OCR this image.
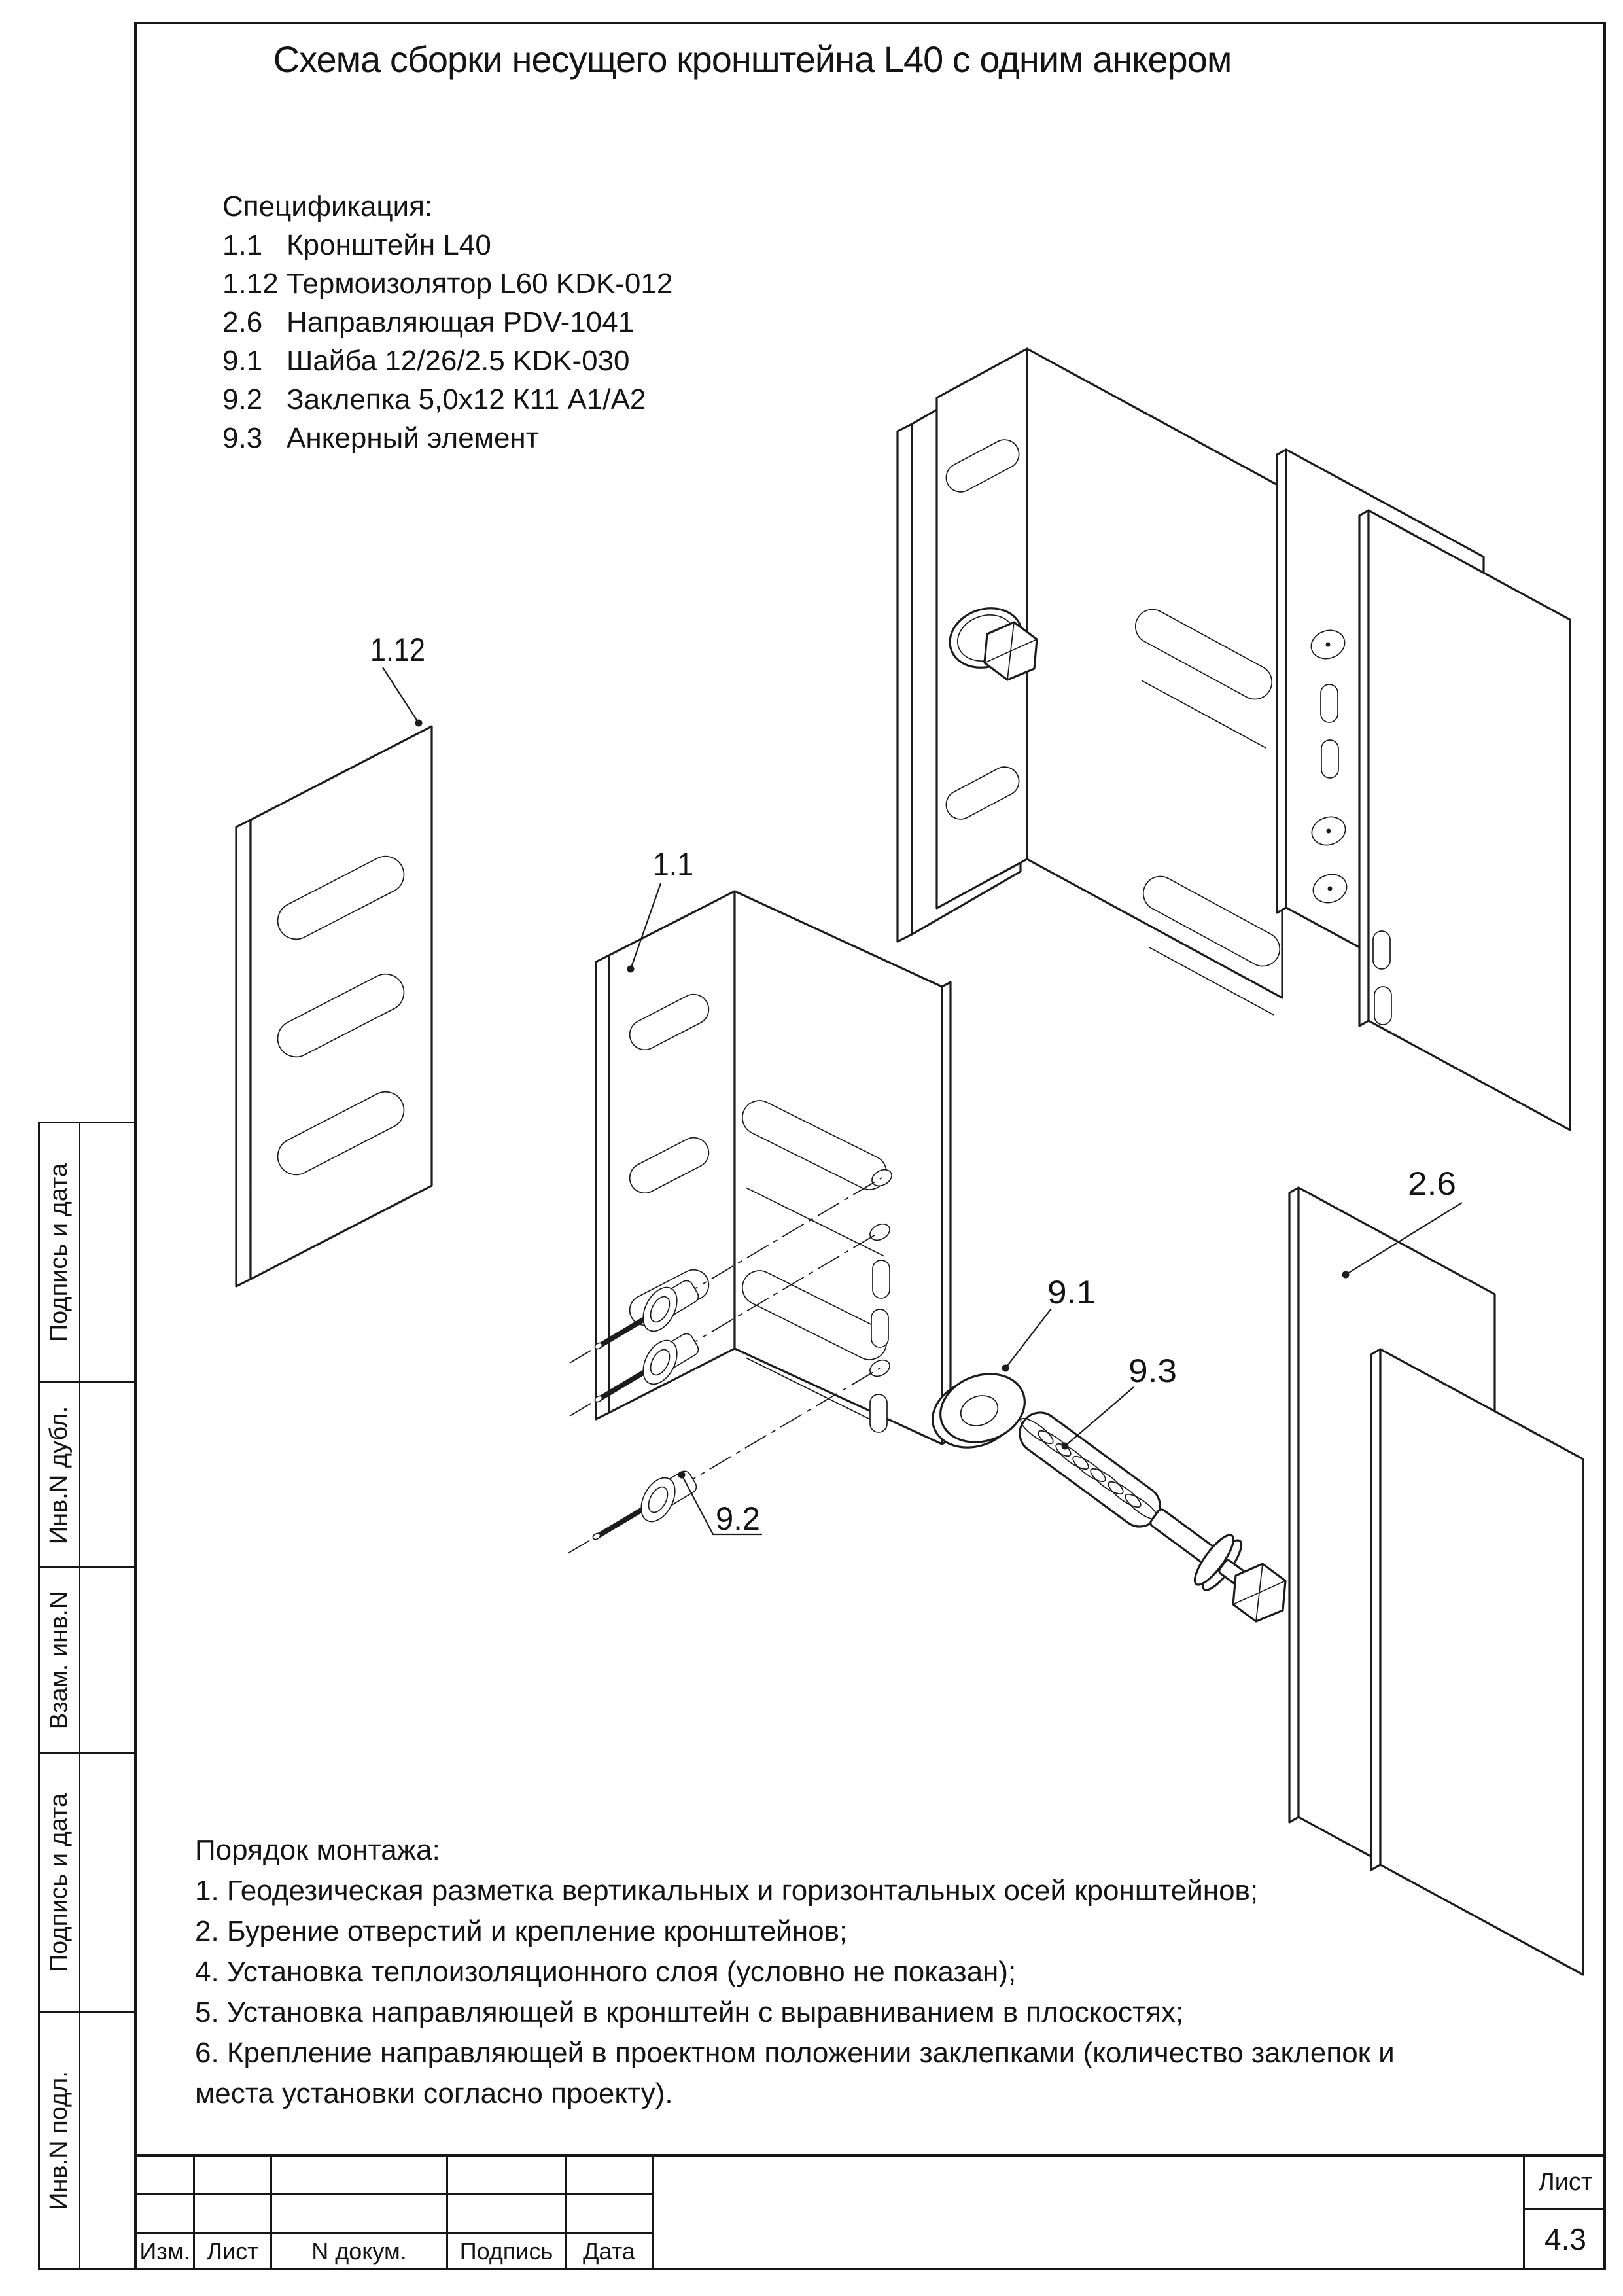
1.12
1.1
2.6
9.1
9.3
9.2
Схема сборки несущего кронштейна L40 с одним анкером
Спецификация:
1.1 Кронштейн L40
1.12 Термоизолятор L60 KDK-012
2.6 Направляющая PDV-1041
9.1 Шайба 12/26/2.5 KDK-030
9.2 Заклепка 5,0х12 К11 А1/А2
9.3 Анкерный элемент
Порядок монтажа:
1. Геодезическая разметка вертикальных и горизонтальных осей кронштейнов;
2. Бурение отверстий и крепление кронштейнов;
4. Установка теплоизоляционного слоя (условно не показан);
5. Установка направляющей в кронштейн с выравниванием в плоскостях;
6. Крепление направляющей в проектном положении заклепками (количество заклепок и
места установки согласно проекту).
Подпись и дата
Инв.N дубл.
Взам. инв.N
Подпись и дата
Инв.N подл.
Изм. Лист N докум. Подпись Дата
Лист
4.3
